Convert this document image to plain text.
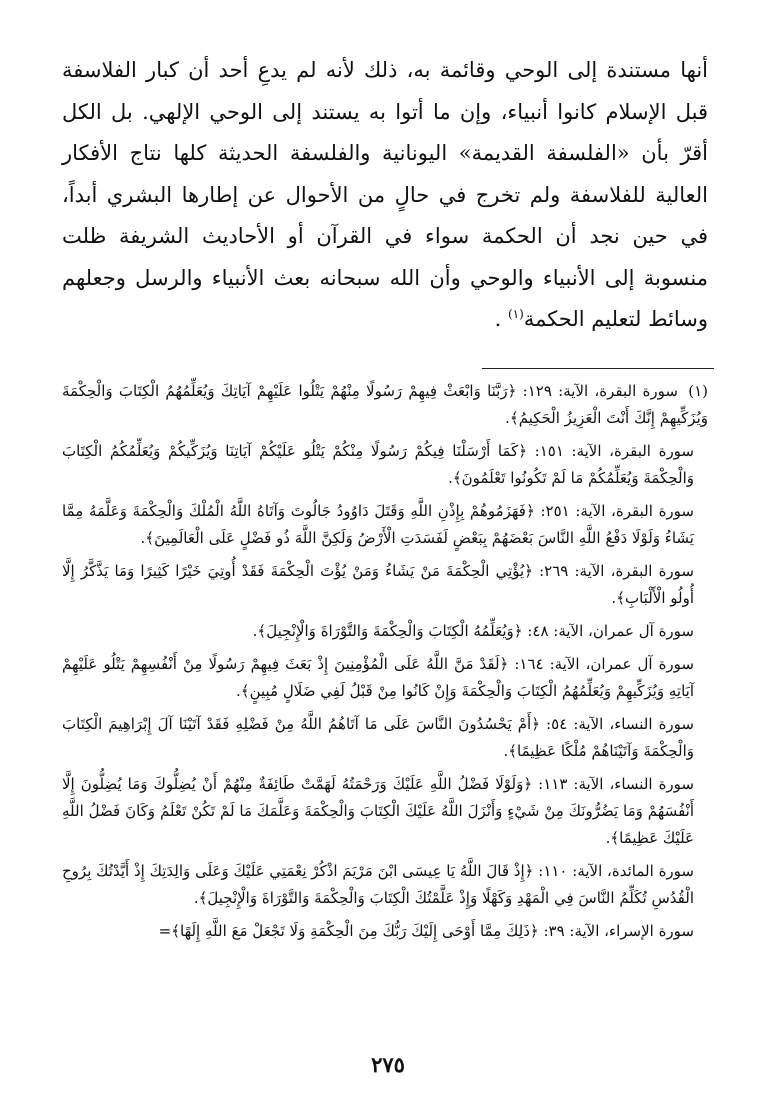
أنها مستندة إلى الوحي وقائمة به، ذلك لأنه لم يدعِ أحد أن كبار الفلاسفة قبل الإسلام كانوا أنبياء، وإن ما أتوا به يستند إلى الوحي الإلهي. بل الكل أقرّ بأن «الفلسفة القديمة» اليونانية والفلسفة الحديثة كلها نتاج الأفكار العالية للفلاسفة ولم تخرج في حالٍ من الأحوال عن إطارها البشري أبداً، في حين نجد أن الحكمة سواء في القرآن أو الأحاديث الشريفة ظلت منسوبة إلى الأنبياء والوحي وأن الله سبحانه بعث الأنبياء والرسل وجعلهم وسائط لتعليم الحكمة$^{(١)}$ .

(١) سورة البقرة، الآية: ١٢٩: ﴿رَبَّنَا وَابْعَثْ فِيهِمْ رَسُولًا مِنْهُمْ يَتْلُوا عَلَيْهِمْ آيَاتِكَ وَيُعَلِّمُهُمُ الْكِتَابَ وَالْحِكْمَةَ وَيُزَكِّيهِمْ إِنَّكَ أَنْتَ الْعَزِيزُ الْحَكِيمُ﴾.

سورة البقرة، الآية: ١٥١: ﴿كَمَا أَرْسَلْنَا فِيكُمْ رَسُولًا مِنْكُمْ يَتْلُو عَلَيْكُمْ آيَاتِنَا وَيُزَكِّيكُمْ وَيُعَلِّمُكُمُ الْكِتَابَ وَالْحِكْمَةَ وَيُعَلِّمُكُمْ مَا لَمْ تَكُونُوا تَعْلَمُونَ﴾.

سورة البقرة، الآية: ٢٥١: ﴿فَهَزَمُوهُمْ بِإِذْنِ اللَّهِ وَقَتَلَ دَاوُودُ جَالُوتَ وَآتَاهُ اللَّهُ الْمُلْكَ وَالْحِكْمَةَ وَعَلَّمَهُ مِمَّا يَشَاءُ وَلَوْلَا دَفْعُ اللَّهِ النَّاسَ بَعْضَهُمْ بِبَعْضٍ لَفَسَدَتِ الْأَرْضُ وَلَكِنَّ اللَّهَ ذُو فَضْلٍ عَلَى الْعَالَمِينَ﴾.

سورة البقرة، الآية: ٢٦٩: ﴿يُؤْتِي الْحِكْمَةَ مَنْ يَشَاءُ وَمَنْ يُؤْتَ الْحِكْمَةَ فَقَدْ أُوتِيَ خَيْرًا كَثِيرًا وَمَا يَذَّكَّرُ إِلَّا أُولُو الْأَلْبَابِ﴾.

سورة آل عمران، الآية: ٤٨: ﴿وَيُعَلِّمُهُ الْكِتَابَ وَالْحِكْمَةَ وَالتَّوْرَاةَ وَالْإِنْجِيلَ﴾.

سورة آل عمران، الآية: ١٦٤: ﴿لَقَدْ مَنَّ اللَّهُ عَلَى الْمُؤْمِنِينَ إِذْ بَعَثَ فِيهِمْ رَسُولًا مِنْ أَنْفُسِهِمْ يَتْلُو عَلَيْهِمْ آيَاتِهِ وَيُزَكِّيهِمْ وَيُعَلِّمُهُمُ الْكِتَابَ وَالْحِكْمَةَ وَإِنْ كَانُوا مِنْ قَبْلُ لَفِي ضَلَالٍ مُبِينٍ﴾.

سورة النساء، الآية: ٥٤: ﴿أَمْ يَحْسُدُونَ النَّاسَ عَلَى مَا آتَاهُمُ اللَّهُ مِنْ فَضْلِهِ فَقَدْ آتَيْنَا آلَ إِبْرَاهِيمَ الْكِتَابَ وَالْحِكْمَةَ وَآتَيْنَاهُمْ مُلْكًا عَظِيمًا﴾.

سورة النساء، الآية: ١١٣: ﴿وَلَوْلَا فَضْلُ اللَّهِ عَلَيْكَ وَرَحْمَتُهُ لَهَمَّتْ طَائِفَةٌ مِنْهُمْ أَنْ يُضِلُّوكَ وَمَا يُضِلُّونَ إِلَّا أَنْفُسَهُمْ وَمَا يَضُرُّونَكَ مِنْ شَيْءٍ وَأَنْزَلَ اللَّهُ عَلَيْكَ الْكِتَابَ وَالْحِكْمَةَ وَعَلَّمَكَ مَا لَمْ تَكُنْ تَعْلَمُ وَكَانَ فَضْلُ اللَّهِ عَلَيْكَ عَظِيمًا﴾.

سورة المائدة، الآية: ١١٠: ﴿إِذْ قَالَ اللَّهُ يَا عِيسَى ابْنَ مَرْيَمَ اذْكُرْ نِعْمَتِي عَلَيْكَ وَعَلَى وَالِدَتِكَ إِذْ أَيَّدْتُكَ بِرُوحِ الْقُدُسِ تُكَلِّمُ النَّاسَ فِي الْمَهْدِ وَكَهْلًا وَإِذْ عَلَّمْتُكَ الْكِتَابَ وَالْحِكْمَةَ وَالتَّوْرَاةَ وَالْإِنْجِيلَ﴾.

سورة الإسراء، الآية: ٣٩: ﴿ذَلِكَ مِمَّا أَوْحَى إِلَيْكَ رَبُّكَ مِنَ الْحِكْمَةِ وَلَا تَجْعَلْ مَعَ اللَّهِ إِلَهًا﴾=

٢٧٥
